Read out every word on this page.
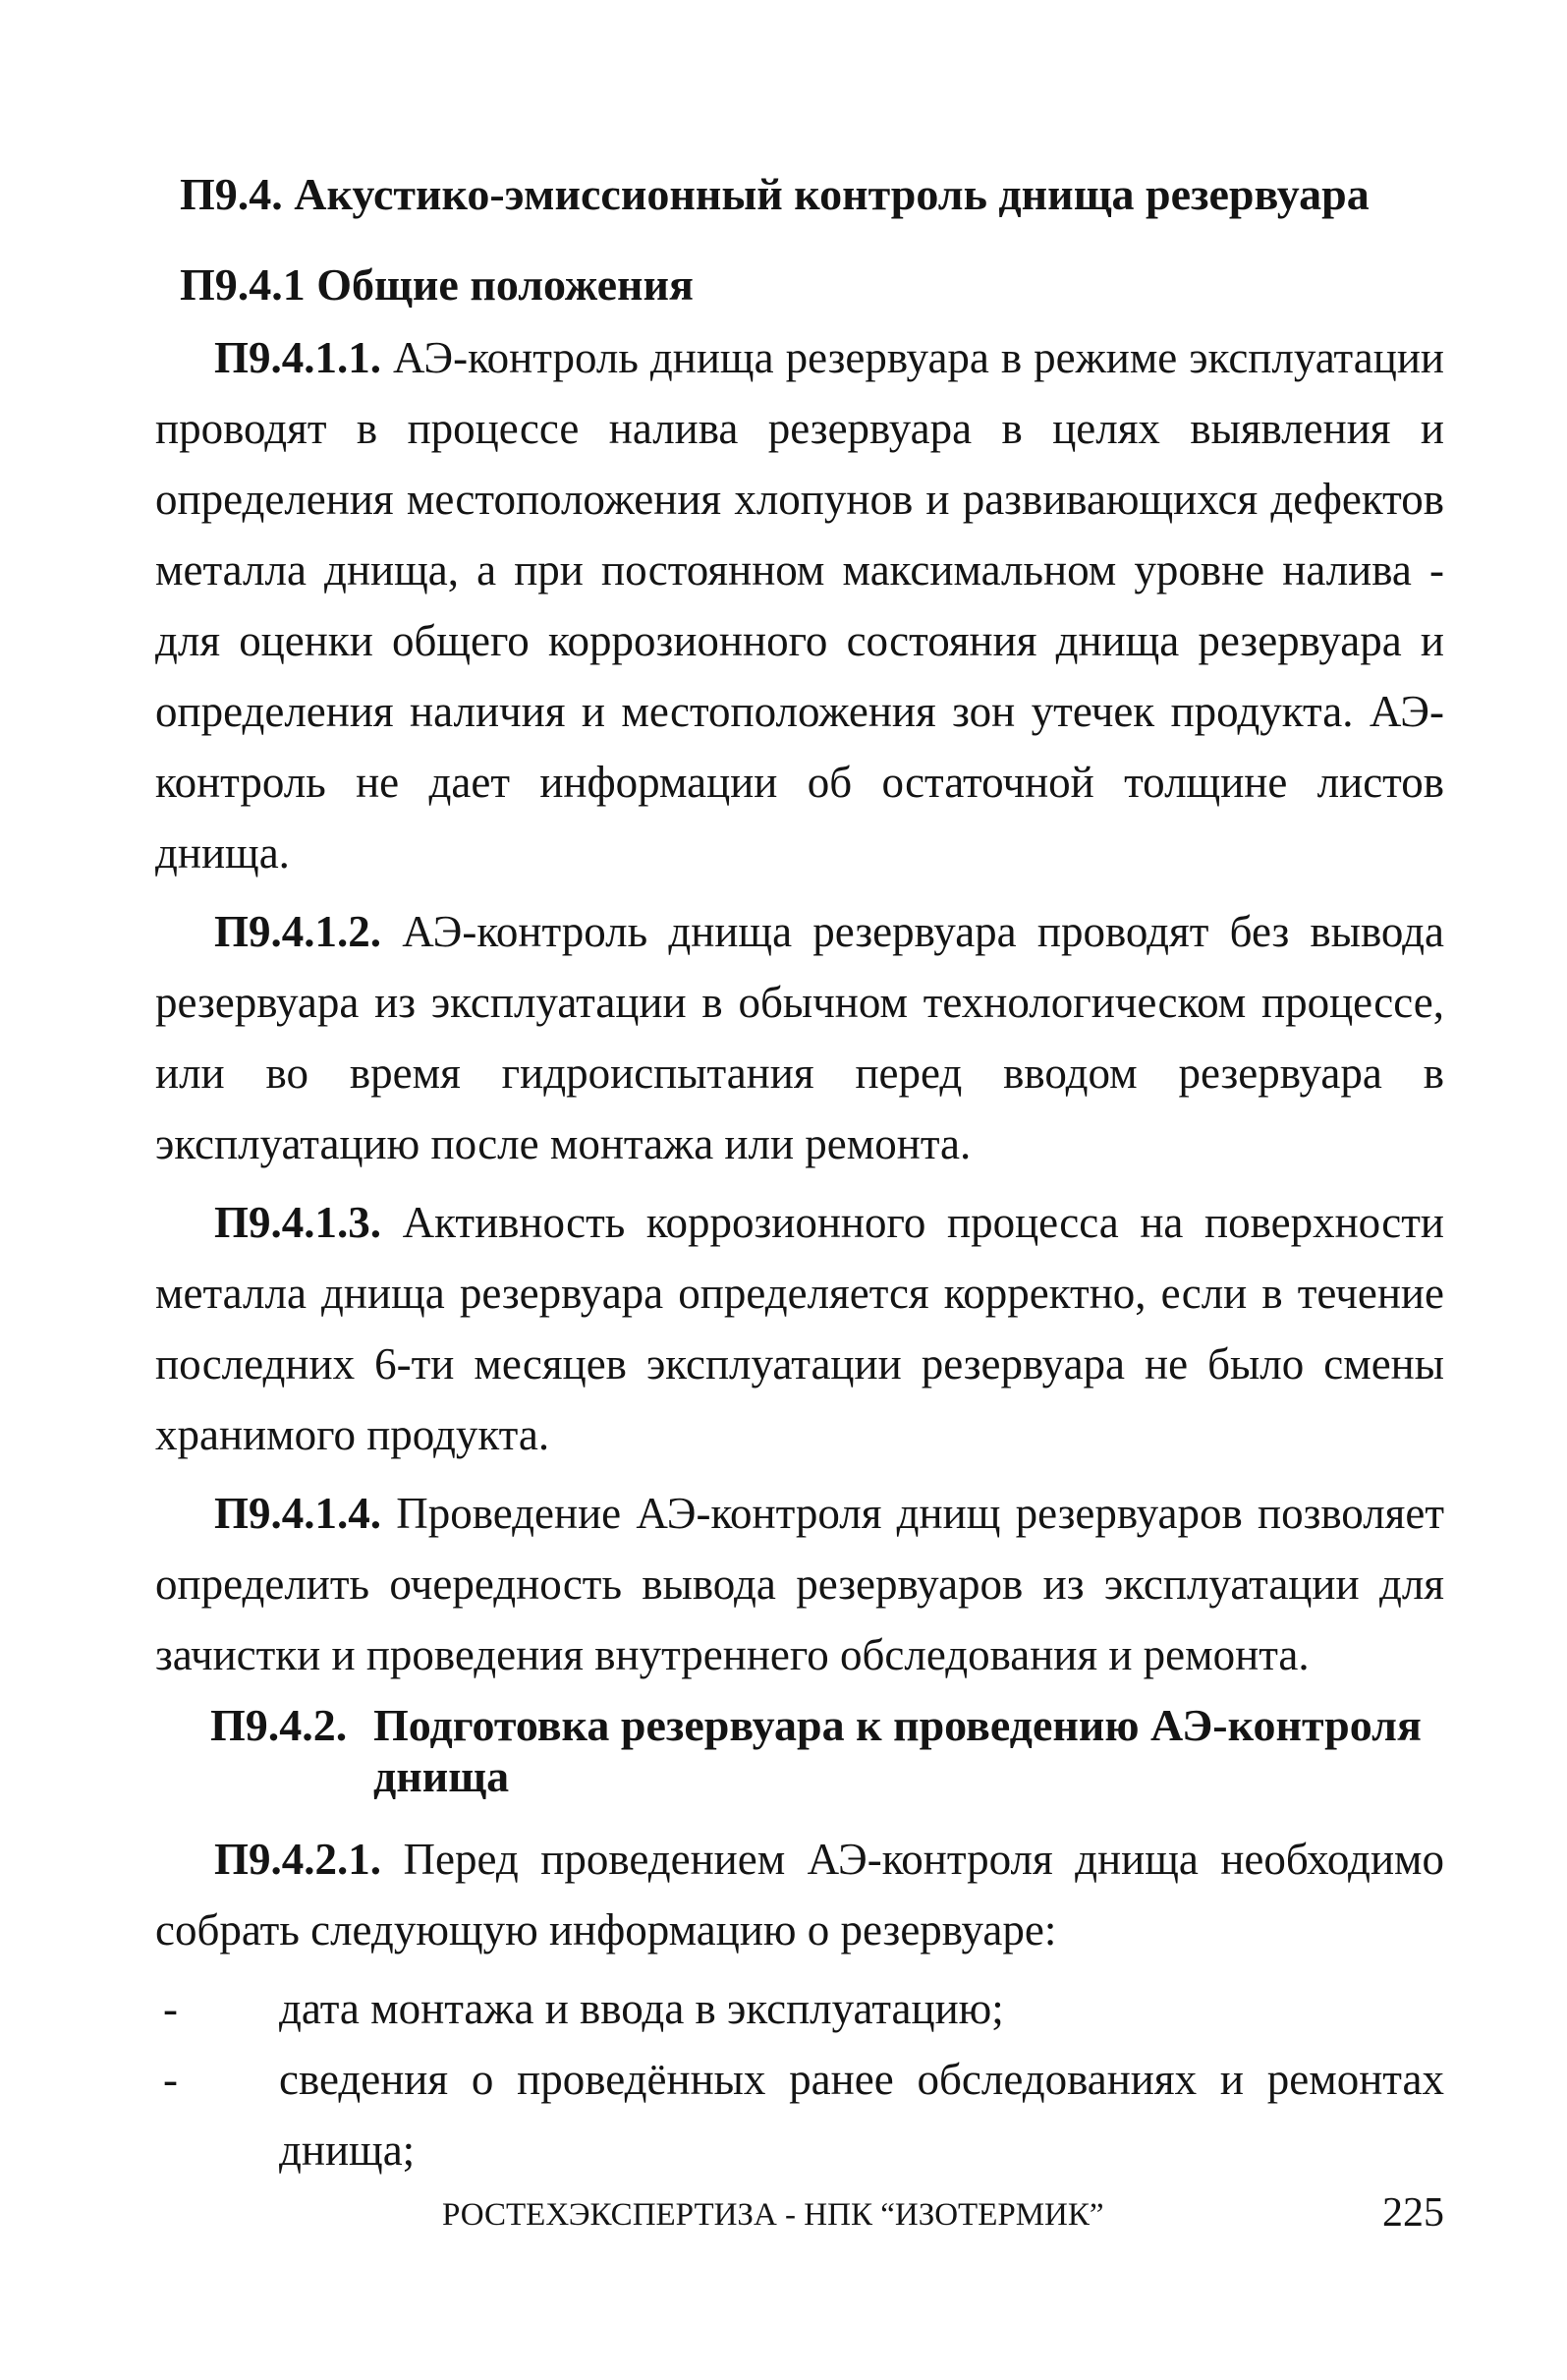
П9.4. Акустико-эмиссионный контроль днища резервуара
П9.4.1 Общие положения

П9.4.1.1. АЭ-контроль днища резервуара в режиме эксплуатации проводят в процессе налива резервуара в целях выявления и определения местоположения хлопунов и развивающихся дефектов металла днища, а при постоянном максимальном уровне налива - для оценки общего коррозионного состояния днища резервуара и определения наличия и местоположения зон утечек продукта. АЭ-контроль не дает информации об остаточной толщине листов днища.

П9.4.1.2. АЭ-контроль днища резервуара проводят без вывода резервуара из эксплуатации в обычном технологическом процессе, или во время гидроиспытания перед вводом резервуара в эксплуатацию после монтажа или ремонта.

П9.4.1.3. Активность коррозионного процесса на поверхности металла днища резервуара определяется корректно, если в течение последних 6-ти месяцев эксплуатации резервуара не было смены хранимого продукта.

П9.4.1.4. Проведение АЭ-контроля днищ резервуаров позволяет определить очередность вывода резервуаров из эксплуатации для зачистки и проведения внутреннего обследования и ремонта.

П9.4.2. Подготовка резервуара к проведению АЭ-контроля днища

П9.4.2.1. Перед проведением АЭ-контроля днища необходимо собрать следующую информацию о резервуаре:

-	дата монтажа и ввода в эксплуатацию;
-	сведения о проведённых ранее обследованиях и ремонтах днища;
РОСТЕХЭКСПЕРТИЗА - НПК “ИЗОТЕРМИК”	225
